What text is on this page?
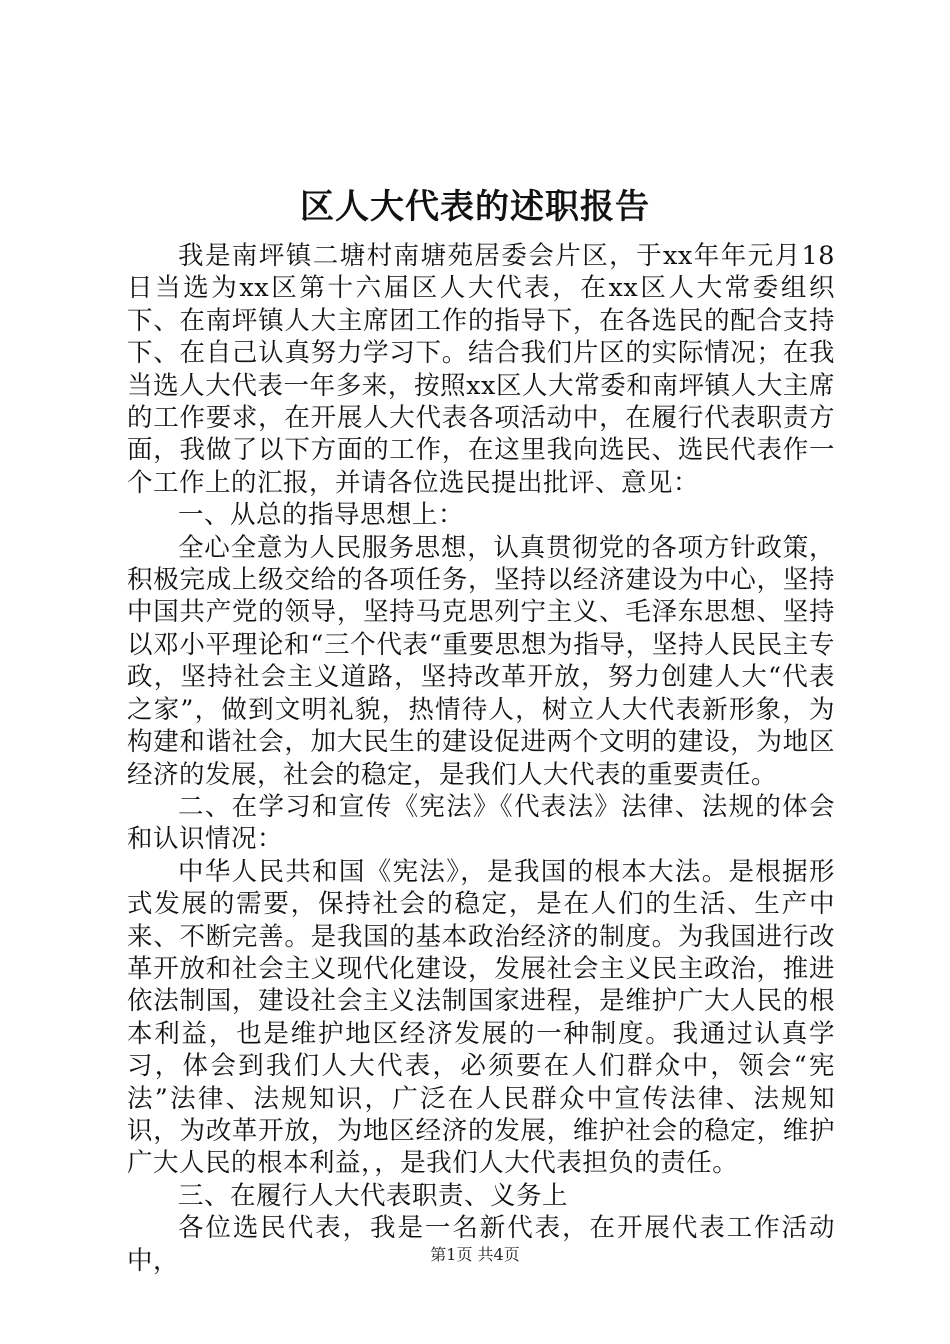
区人大代表的述职报告

我是南坪镇二塘村南塘苑居委会片区，于xx年年元月18日当选为xx区第十六届区人大代表，在xx区人大常委组织下、在南坪镇人大主席团工作的指导下，在各选民的配合支持下、在自己认真努力学习下。结合我们片区的实际情况；在我当选人大代表一年多来，按照xx区人大常委和南坪镇人大主席的工作要求，在开展人大代表各项活动中，在履行代表职责方面，我做了以下方面的工作，在这里我向选民、选民代表作一个工作上的汇报，并请各位选民提出批评、意见：

一、从总的指导思想上：

全心全意为人民服务思想，认真贯彻党的各项方针政策，积极完成上级交给的各项任务，坚持以经济建设为中心，坚持中国共产党的领导，坚持马克思列宁主义、毛泽东思想、坚持以邓小平理论和“三个代表“重要思想为指导，坚持人民民主专政，坚持社会主义道路，坚持改革开放，努力创建人大“代表之家”，做到文明礼貌，热情待人，树立人大代表新形象，为构建和谐社会，加大民生的建设促进两个文明的建设，为地区经济的发展，社会的稳定，是我们人大代表的重要责任。

二、在学习和宣传《宪法》《代表法》法律、法规的体会和认识情况：

中华人民共和国《宪法》，是我国的根本大法。是根据形式发展的需要，保持社会的稳定，是在人们的生活、生产中来、不断完善。是我国的基本政治经济的制度。为我国进行改革开放和社会主义现代化建设，发展社会主义民主政治，推进依法制国，建设社会主义法制国家进程，是维护广大人民的根本利益，也是维护地区经济发展的一种制度。我通过认真学习，体会到我们人大代表，必须要在人们群众中，领会“宪法”法律、法规知识，广泛在人民群众中宣传法律、法规知识，为改革开放，为地区经济的发展，维护社会的稳定，维护广大人民的根本利益，，是我们人大代表担负的责任。

三、在履行人大代表职责、义务上

各位选民代表，我是一名新代表，在开展代表工作活动中，	第1页 共4页
